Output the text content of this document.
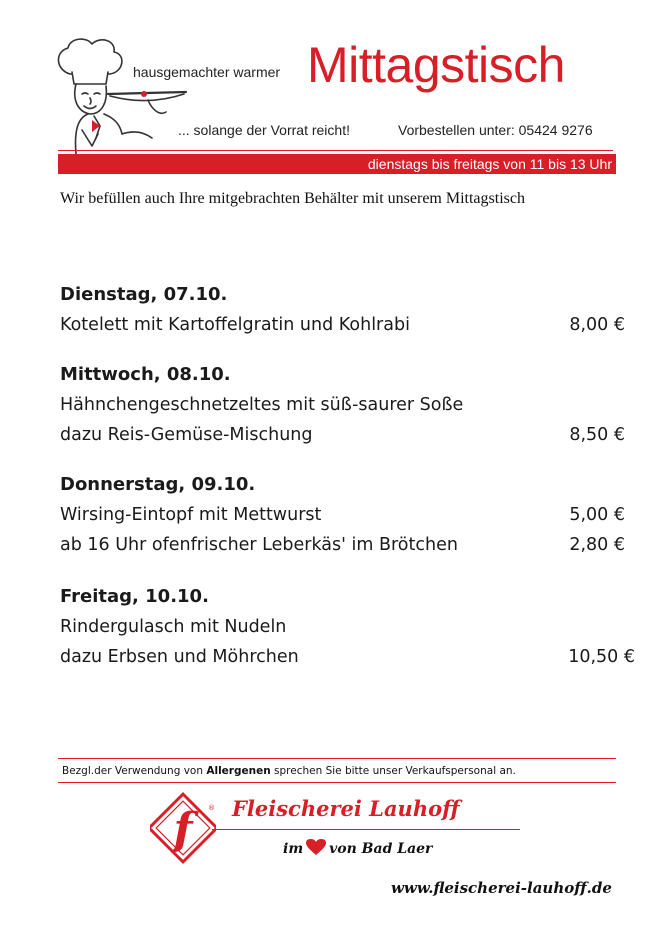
hausgemachter warmer Mittagstisch
... solange der Vorrat reicht!	Vorbestellen unter: 05424 9276
dienstags bis freitags von 11 bis 13 Uhr
Wir befüllen auch Ihre mitgebrachten Behälter mit unserem Mittagstisch
Dienstag, 07.10.
Kotelett mit Kartoffelgratin und Kohlrabi	8,00 €
Mittwoch, 08.10.
Hähnchengeschnetzeltes mit süß-saurer Soße
dazu Reis-Gemüse-Mischung	8,50 €
Donnerstag, 09.10.
Wirsing-Eintopf mit Mettwurst	5,00 €
ab 16 Uhr ofenfrischer Leberkäs' im Brötchen	2,80 €
Freitag, 10.10.
Rindergulasch mit Nudeln
dazu Erbsen und Möhrchen	10,50 €
Bezgl.der Verwendung von Allergenen sprechen Sie bitte unser Verkaufspersonal an.
f	® Fleischerei Lauhoff
im von Bad Laer
www.fleischerei-lauhoff.de
